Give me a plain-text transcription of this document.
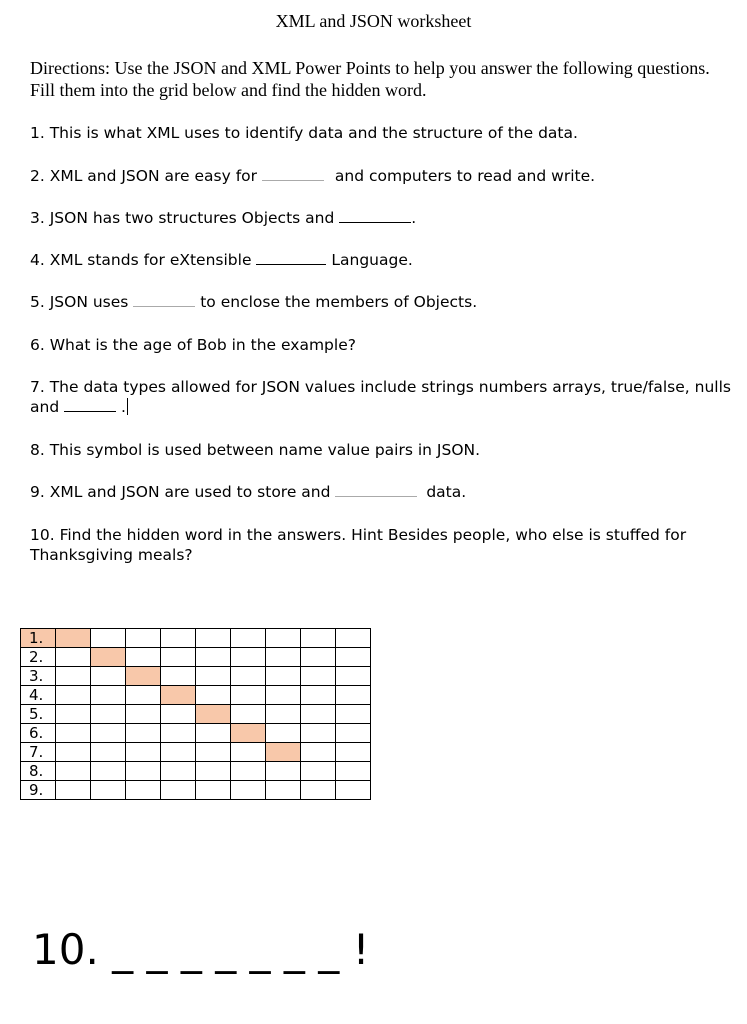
XML and JSON worksheet
Directions: Use the JSON and XML Power Points to help you answer the following questions. Fill them into the grid below and find the hidden word.
1. This is what XML uses to identify data and the structure of the data.
2. XML and JSON are easy for	and computers to read and write.
3. JSON has two structures Objects and	.
4. XML stands for eXtensible	Language.
5. JSON uses	to enclose the members of Objects.
6. What is the age of Bob in the example?
7. The data types allowed for JSON values include strings numbers arrays, true/false, nulls and	.
8. This symbol is used between name value pairs in JSON.
9. XML and JSON are used to store and	data.
10. Find the hidden word in the answers. Hint Besides people, who else is stuffed for Thanksgiving meals?
1.									
2.									
3.									
4.									
5.									
6.									
7.									
8.									
9.									
10. _ _ _ _ _ _ _ !
